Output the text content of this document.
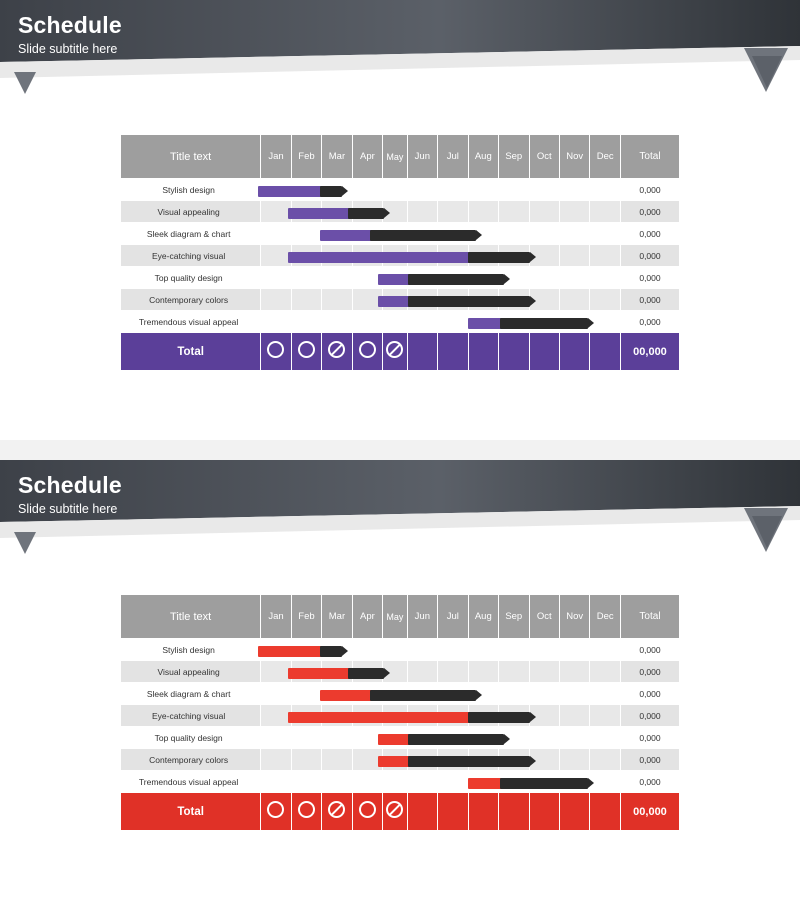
Schedule
Slide subtitle here
Title text	Jan	Feb	Mar	Apr	May	Jun	Jul	Aug	Sep	Oct	Nov	Dec	Total
Stylish design													0,000
Visual appealing													0,000
Sleek diagram & chart													0,000
Eye-catching visual													0,000
Top quality design													0,000
Contemporary colors													0,000
Tremendous visual appeal													0,000
Total													00,000
Schedule
Slide subtitle here
Title text	Jan	Feb	Mar	Apr	May	Jun	Jul	Aug	Sep	Oct	Nov	Dec	Total
Stylish design													0,000
Visual appealing													0,000
Sleek diagram & chart													0,000
Eye-catching visual													0,000
Top quality design													0,000
Contemporary colors													0,000
Tremendous visual appeal													0,000
Total													00,000
